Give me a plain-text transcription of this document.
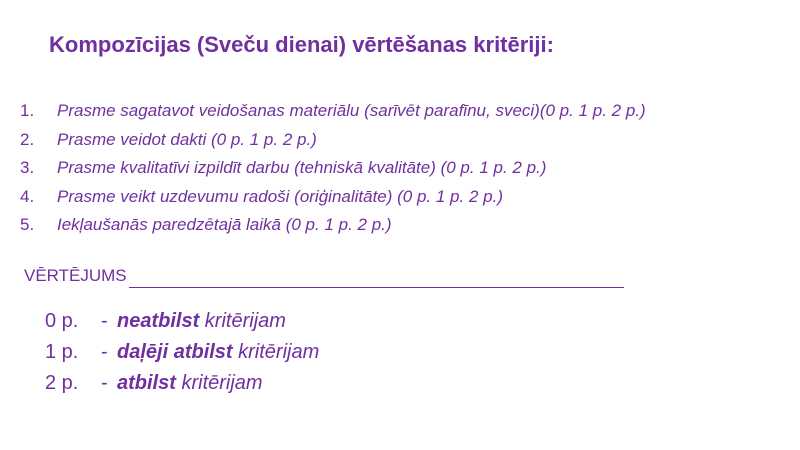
Kompozīcijas (Sveču dienai) vērtēšanas kritēriji:
1. Prasme sagatavot veidošanas materiālu (sarīvēt parafīnu, sveci)(0 p. 1 p. 2 p.)
2. Prasme veidot dakti (0 p. 1 p. 2 p.)
3. Prasme kvalitatīvi izpildīt darbu (tehniskā kvalitāte) (0 p. 1 p. 2 p.)
4. Prasme veikt uzdevumu radoši (oriģinalitāte) (0 p. 1 p. 2 p.)
5. Iekļaušanās paredzētajā laikā (0 p. 1 p. 2 p.)
VĒRTĒJUMS
0 p.	- neatbilst kritērijam
1 p.	- daļēji atbilst kritērijam
2 p.	- atbilst kritērijam
